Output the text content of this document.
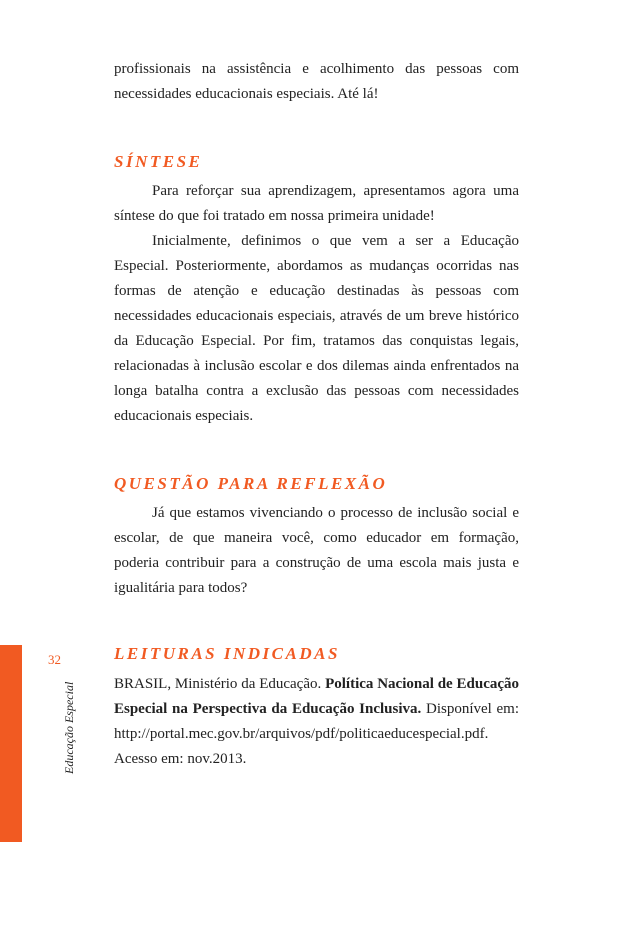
32
Educação Especial

profissionais na assistência e acolhimento das pessoas com necessidades educacionais especiais. Até lá!

SÍNTESE

Para reforçar sua aprendizagem, apresentamos agora uma síntese do que foi tratado em nossa primeira unidade!

Inicialmente, definimos o que vem a ser a Educação Especial. Posteriormente, abordamos as mudanças ocorridas nas formas de atenção e educação destinadas às pessoas com necessidades educacionais especiais, através de um breve histórico da Educação Especial. Por fim, tratamos das conquistas legais, relacionadas à inclusão escolar e dos dilemas ainda enfrentados na longa batalha contra a exclusão das pessoas com necessidades educacionais especiais.

QUESTÃO PARA REFLEXÃO

Já que estamos vivenciando o processo de inclusão social e escolar, de que maneira você, como educador em formação, poderia contribuir para a construção de uma escola mais justa e igualitária para todos?

LEITURAS INDICADAS

BRASIL, Ministério da Educação. Política Nacional de Educação Especial na Perspectiva da Educação Inclusiva. Disponível em: http://portal.mec.gov.br/arquivos/pdf/politicaeducespecial.pdf. Acesso em: nov.2013.
